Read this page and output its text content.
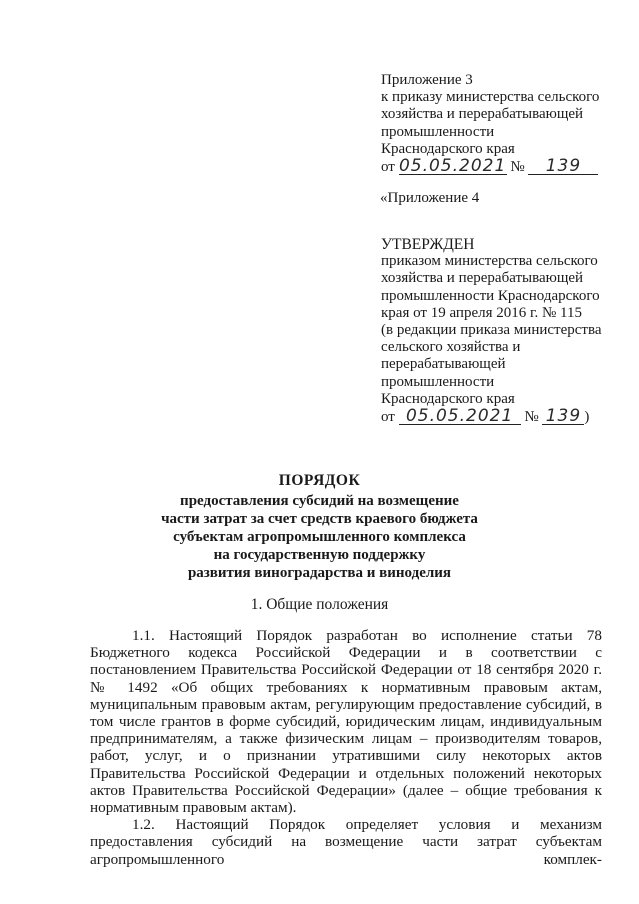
Приложение 3
к приказу министерства сельского
хозяйства и перерабатывающей
промышленности
Краснодарского края
от 05.05.2021 № 139
«Приложение 4
УТВЕРЖДЕН
приказом министерства сельского
хозяйства и перерабатывающей
промышленности Краснодарского
края от 19 апреля 2016 г. № 115
(в редакции приказа министерства
сельского хозяйства и
перерабатывающей
промышленности
Краснодарского края
от 05.05.2021 № 139 )
ПОРЯДОК
предоставления субсидий на возмещение
части затрат за счет средств краевого бюджета
субъектам агропромышленного комплекса
на государственную поддержку
развития виноградарства и виноделия
1. Общие положения

1.1. Настоящий Порядок разработан во исполнение статьи 78 Бюджетного кодекса Российской Федерации и в соответствии с постановлением Правительства Российской Федерации от 18 сентября 2020 г. № 1492 «Об общих требованиях к нормативным правовым актам, муниципальным правовым актам, регулирующим предоставление субсидий, в том числе грантов в форме субсидий, юридическим лицам, индивидуальным предпринимателям, а также физическим лицам – производителям товаров, работ, услуг, и о признании утратившими силу некоторых актов Правительства Российской Федерации и отдельных положений некоторых актов Правительства Российской Федерации» (далее – общие требования к нормативным правовым актам).

1.2. Настоящий Порядок определяет условия и механизм предоставления субсидий на возмещение части затрат субъектам агропромышленного комплек-
